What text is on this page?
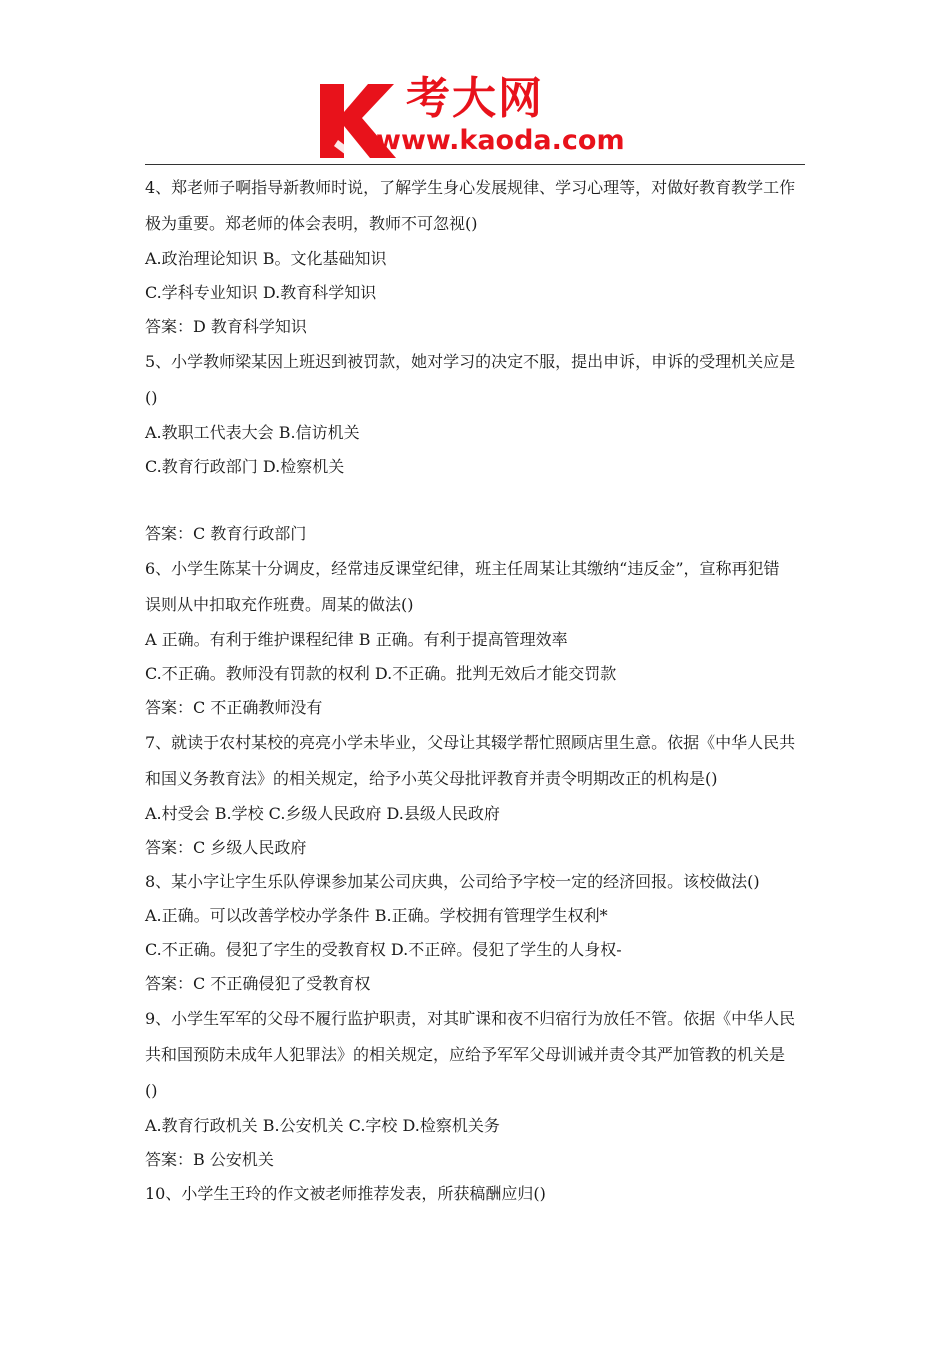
考大网
www.kaoda.com
4、郑老师子啊指导新教师时说，了解学生身心发展规律、学习心理等，对做好教育教学工作
极为重要。郑老师的体会表明，教师不可忽视()
A.政治理论知识 B。文化基础知识
C.学科专业知识 D.教育科学知识
答案：D 教育科学知识
5、小学教师梁某因上班迟到被罚款，她对学习的决定不服，提出申诉，申诉的受理机关应是
()
A.教职工代表大会 B.信访机关
C.教育行政部门 D.检察机关
答案：C 教育行政部门
6、小学生陈某十分调皮，经常违反课堂纪律，班主任周某让其缴纳“违反金”，宣称再犯错
误则从中扣取充作班费。周某的做法()
A 正确。有利于维护课程纪律 B 正确。有利于提高管理效率
C.不正确。教师没有罚款的权利 D.不正确。批判无效后才能交罚款
答案：C 不正确教师没有
7、就读于农村某校的亮亮小学未毕业，父母让其辍学帮忙照顾店里生意。依据《中华人民共
和国义务教育法》的相关规定，给予小英父母批评教育并责令明期改正的机构是()
A.村受会 B.学校 C.乡级人民政府 D.县级人民政府
答案：C 乡级人民政府
8、某小字让字生乐队停课参加某公司庆典，公司给予字校一定的经济回报。该校做法()
A.正确。可以改善学校办学条件 B.正确。学校拥有管理学生权利*
C.不正确。侵犯了字生的受教育权 D.不正碎。侵犯了学生的人身权-
答案：C 不正确侵犯了受教育权
9、小学生军军的父母不履行监护职责，对其旷课和夜不归宿行为放任不管。依据《中华人民
共和国预防未成年人犯罪法》的相关规定，应给予军军父母训诫并责令其严加管教的机关是
()
A.教育行政机关 B.公安机关 C.字校 D.检察机关务
答案：B 公安机关
10、小学生王玲的作文被老师推荐发表，所获稿酬应归()
